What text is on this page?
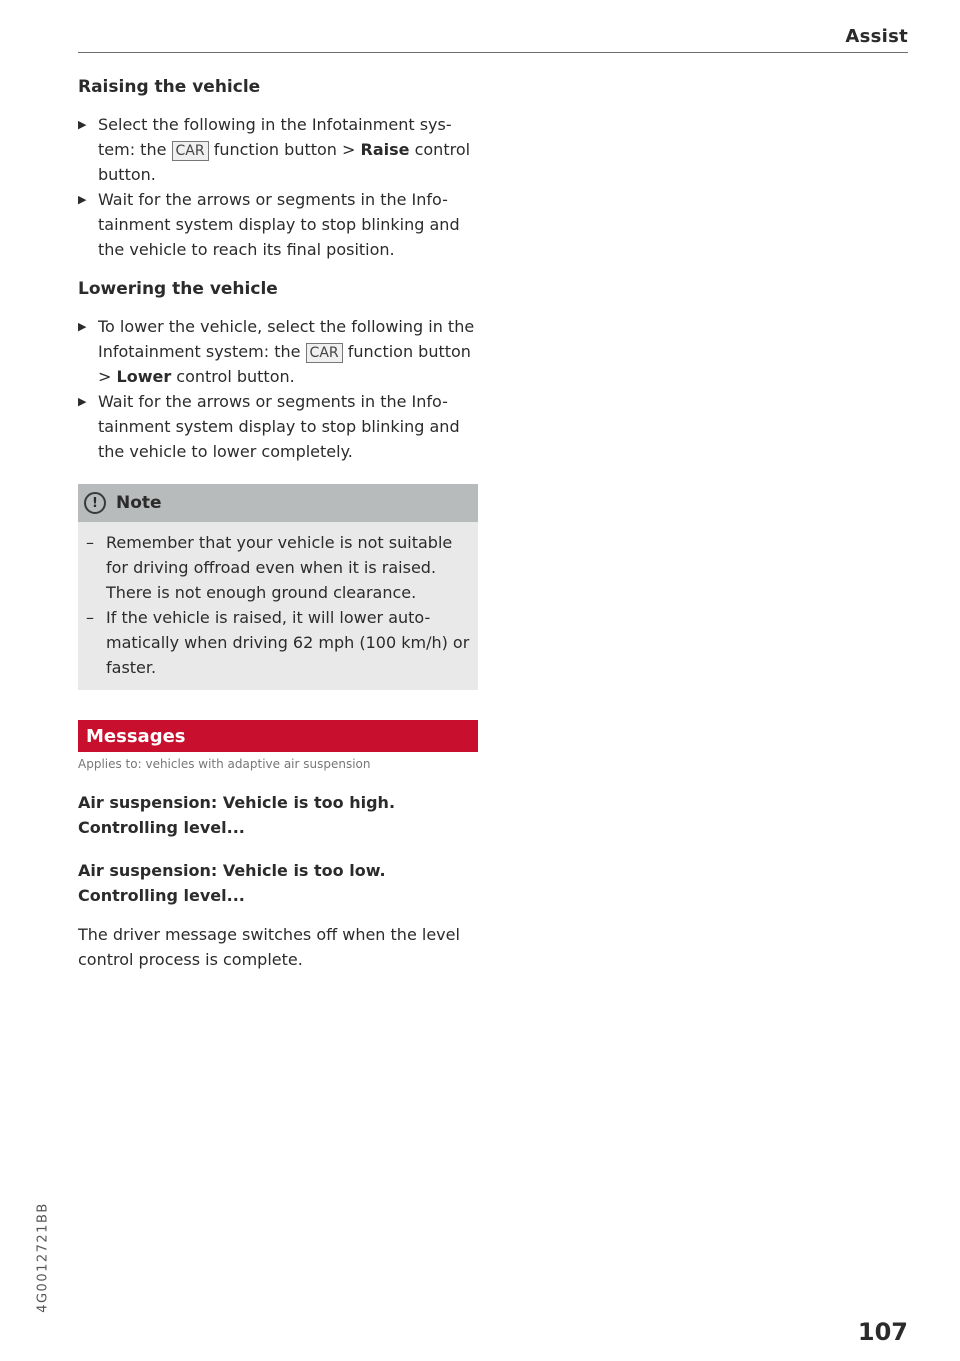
Assist
Raising the vehicle
▶ Select the following in the Infotainment sys-tem: the CAR function button > Raise control button.
▶ Wait for the arrows or segments in the Info-tainment system display to stop blinking and the vehicle to reach its final position.
Lowering the vehicle
▶ To lower the vehicle, select the following in the Infotainment system: the CAR function button > Lower control button.
▶ Wait for the arrows or segments in the Info-tainment system display to stop blinking and the vehicle to lower completely.
!	Note
– Remember that your vehicle is not suitable for driving offroad even when it is raised. There is not enough ground clearance.
– If the vehicle is raised, it will lower auto-matically when driving 62 mph (100 km/h) or faster.
Messages
Applies to: vehicles with adaptive air suspension
Air suspension: Vehicle is too high. Controlling level...
Air suspension: Vehicle is too low. Controlling level...
The driver message switches off when the level control process is complete.
4G0012721BB
107
